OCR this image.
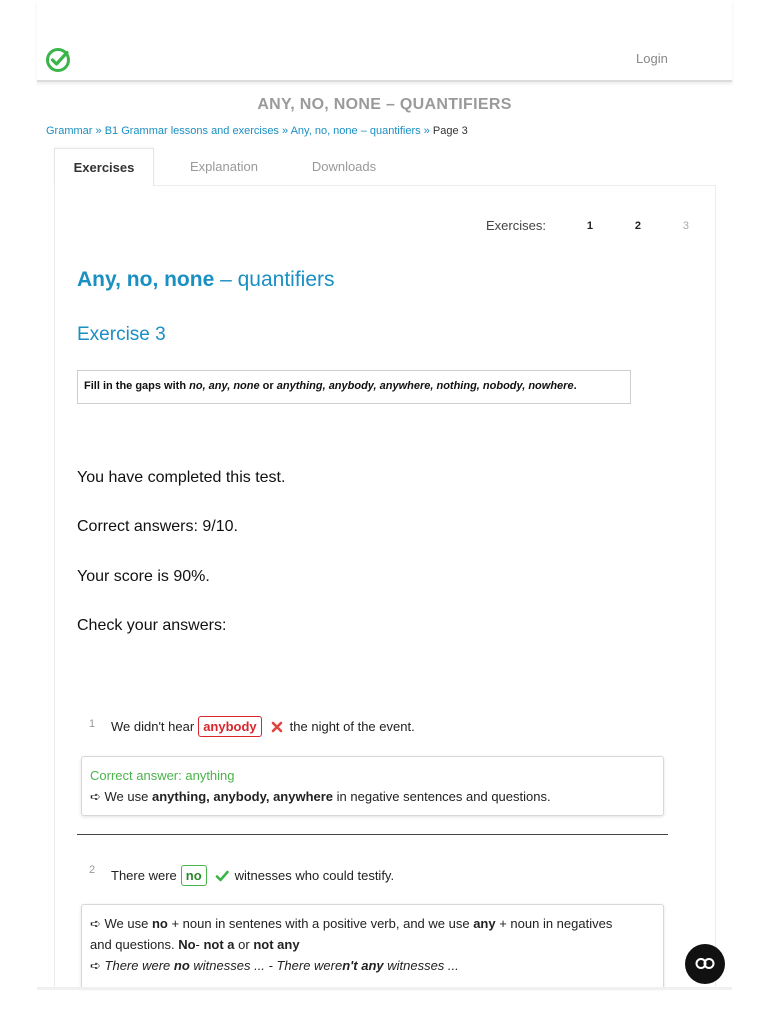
Login
ANY, NO, NONE – QUANTIFIERS
Grammar » B1 Grammar lessons and exercises » Any, no, none – quantifiers » Page 3
Exercises	Explanation	Downloads
Exercises:	1	2	3
Any, no, none – quantifiers
Exercise 3
Fill in the gaps with no, any, none or anything, anybody, anywhere, nothing, nobody, nowhere.
You have completed this test.
Correct answers: 9/10.
Your score is 90%.
Check your answers:
1 We didn't hear anybody	the night of the event.
Correct answer: anything
➪ We use anything, anybody, anywhere in negative sentences and questions.
2 There were no	witnesses who could testify.
➪ We use no + noun in sentenes with a positive verb, and we use any + noun in negatives
and questions. No- not a or not any
➪ There were no witnesses ... - There weren't any witnesses ...
